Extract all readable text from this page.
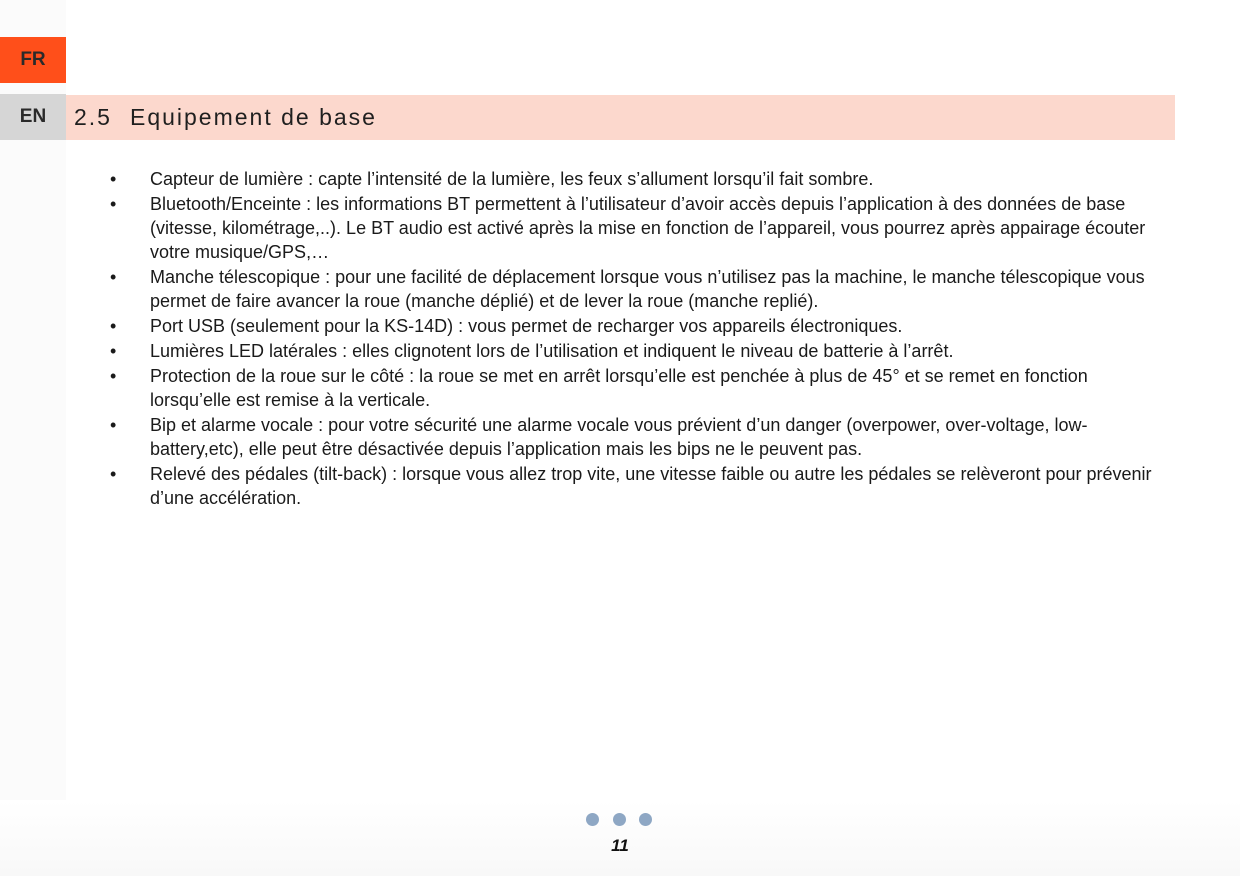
FR
EN	2.5 Equipement de base
• Capteur de lumière : capte l’intensité de la lumière, les feux s’allument lorsqu’il fait sombre.
• Bluetooth/Enceinte : les informations BT permettent à l’utilisateur d’avoir accès depuis l’application à des données de base (vitesse, kilométrage,..). Le BT audio est activé après la mise en fonction de l’appareil, vous pourrez après appairage écouter votre musique/GPS,…
• Manche télescopique : pour une facilité de déplacement lorsque vous n’utilisez pas la machine, le manche télescopique vous permet de faire avancer la roue (manche déplié) et de lever la roue (manche replié).
• Port USB (seulement pour la KS-14D) : vous permet de recharger vos appareils électroniques.
• Lumières LED latérales : elles clignotent lors de l’utilisation et indiquent le niveau de batterie à l’arrêt.
• Protection de la roue sur le côté : la roue se met en arrêt lorsqu’elle est penchée à plus de 45° et se remet en fonction lorsqu’elle est remise à la verticale.
• Bip et alarme vocale : pour votre sécurité une alarme vocale vous prévient d’un danger (overpower, over-voltage, low-battery,etc), elle peut être désactivée depuis l’application mais les bips ne le peuvent pas.
• Relevé des pédales (tilt-back) : lorsque vous allez trop vite, une vitesse faible ou autre les pédales se relèveront pour prévenir d’une accélération.
11
